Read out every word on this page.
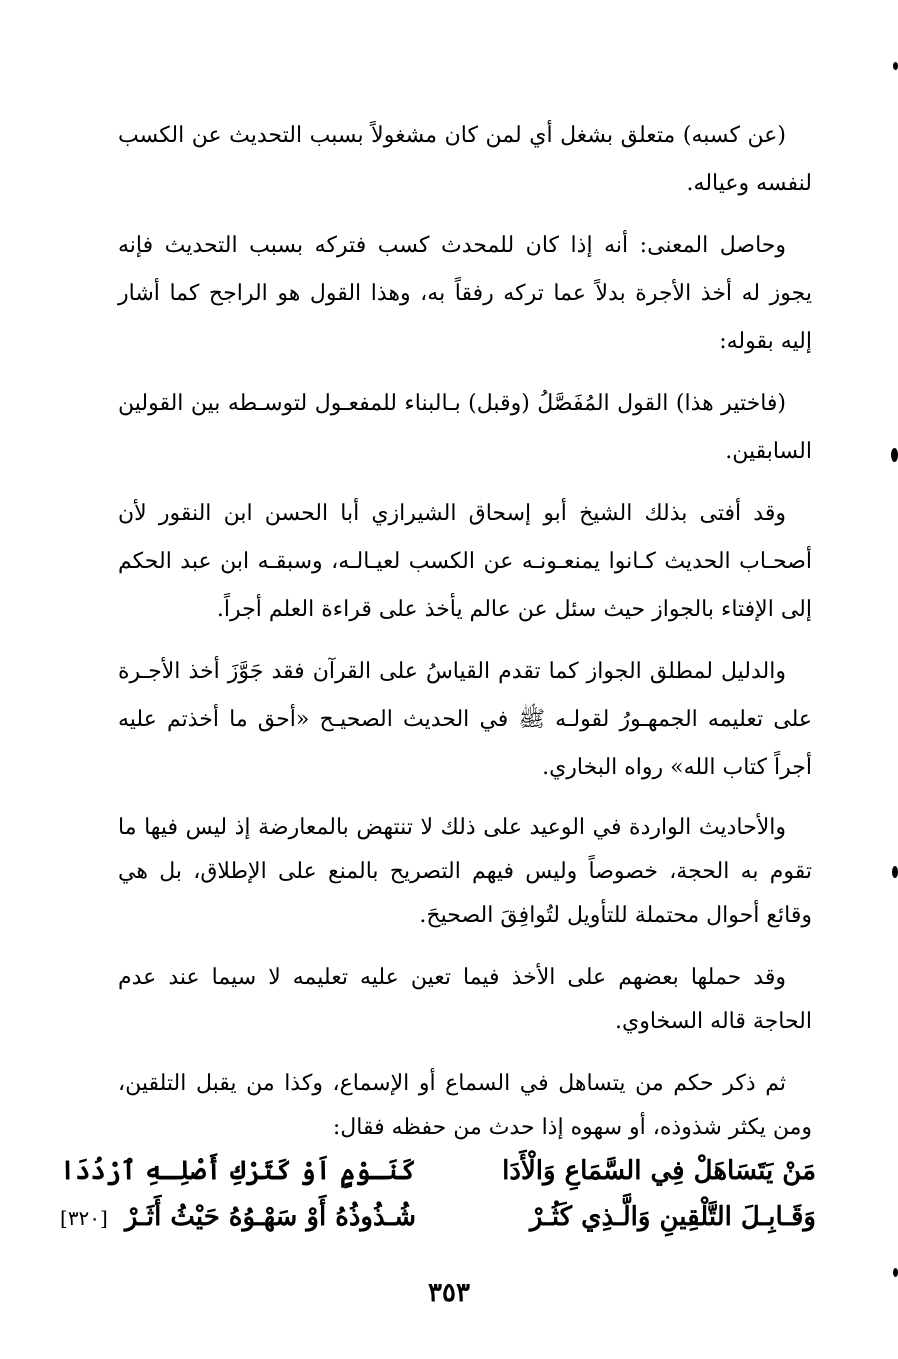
(عن كسبه) متعلق بشغل أي لمن كان مشغولاً بسبب التحديث عن الكسب لنفسه وعياله.

وحاصل المعنى: أنه إذا كان للمحدث كسب فتركه بسبب التحديث فإنه يجوز له أخذ الأجرة بدلاً عما تركه رفقاً به، وهذا القول هو الراجح كما أشار إليه بقوله:

(فاختير هذا) القول المُفَصَّلُ (وقبل) بـالبناء للمفعـول لتوسـطه بين القولين السابقين.

وقد أفتى بذلك الشيخ أبو إسحاق الشيرازي أبا الحسن ابن النقور لأن أصحـاب الحديث كـانوا يمنعـونـه عن الكسب لعيـالـه، وسبقـه ابن عبد الحكم إلى الإفتاء بالجواز حيث سئل عن عالم يأخذ على قراءة العلم أجراً.

والدليل لمطلق الجواز كما تقدم القياسُ على القرآن فقد جَوَّزَ أخذ الأجـرة على تعليمه الجمهـورُ لقولـه ﷺ في الحديث الصحيـح «أحق ما أخذتم عليه أجراً كتاب الله» رواه البخاري.

والأحاديث الواردة في الوعيد على ذلك لا تنتهض بالمعارضة إذ ليس فيها ما تقوم به الحجة، خصوصاً وليس فيهم التصريح بالمنع على الإطلاق، بل هي وقائع أحوال محتملة للتأويل لتُوافِقَ الصحيحَ.

وقد حملها بعضهم على الأخذ فيما تعين عليه تعليمه لا سيما عند عدم الحاجة قاله السخاوي.

ثم ذكر حكم من يتساهل في السماع أو الإسماع، وكذا من يقبل التلقين، ومن يكثر شذوذه، أو سهوه إذا حدث من حفظه فقال:

مَنْ يَتَسَاهَلْ فِي السَّمَاعِ وَالْأَدَا
كَنَـوْمٍ اَوْ كَتَرْكِ أَصْلِـهِ ٱرْدُدَا
وَقَـابِـلَ التَّلْقِينِ وَالَّـذِي كَثُـرْ
شُـذُوذُهُ أَوْ سَهْـوُهُ حَيْثُ أَثَـرْ [٣٢٠]
٣٥٣
